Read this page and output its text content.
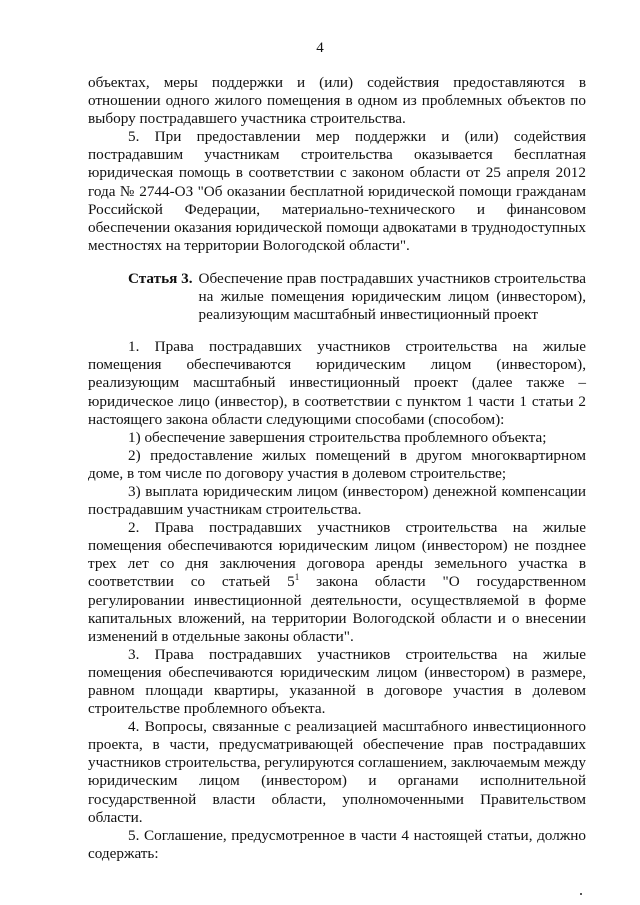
4

объектах, меры поддержки и (или) содействия предоставляются в отношении одного жилого помещения в одном из проблемных объектов по выбору пострадавшего участника строительства.

5. При предоставлении мер поддержки и (или) содействия пострадавшим участникам строительства оказывается бесплатная юридическая помощь в соответствии с законом области от 25 апреля 2012 года № 2744-ОЗ "Об оказании бесплатной юридической помощи гражданам Российской Федерации, материально-технического и финансовом обеспечении оказания юридической помощи адвокатами в труднодоступных местностях на территории Вологодской области".

Статья 3. Обеспечение прав пострадавших участников строительства на жилые помещения юридическим лицом (инвестором), реализующим масштабный инвестиционный проект

1. Права пострадавших участников строительства на жилые помещения обеспечиваются юридическим лицом (инвестором), реализующим масштабный инвестиционный проект (далее также – юридическое лицо (инвестор), в соответствии с пунктом 1 части 1 статьи 2 настоящего закона области следующими способами (способом):

1) обеспечение завершения строительства проблемного объекта;

2) предоставление жилых помещений в другом многоквартирном доме, в том числе по договору участия в долевом строительстве;

3) выплата юридическим лицом (инвестором) денежной компенсации пострадавшим участникам строительства.

2. Права пострадавших участников строительства на жилые помещения обеспечиваются юридическим лицом (инвестором) не позднее трех лет со дня заключения договора аренды земельного участка в соответствии со статьей $5^1$ закона области "О государственном регулировании инвестиционной деятельности, осуществляемой в форме капитальных вложений, на территории Вологодской области и о внесении изменений в отдельные законы области".

3. Права пострадавших участников строительства на жилые помещения обеспечиваются юридическим лицом (инвестором) в размере, равном площади квартиры, указанной в договоре участия в долевом строительстве проблемного объекта.

4. Вопросы, связанные с реализацией масштабного инвестиционного проекта, в части, предусматривающей обеспечение прав пострадавших участников строительства, регулируются соглашением, заключаемым между юридическим лицом (инвестором) и органами исполнительной государственной власти области, уполномоченными Правительством области.

5. Соглашение, предусмотренное в части 4 настоящей статьи, должно содержать:
